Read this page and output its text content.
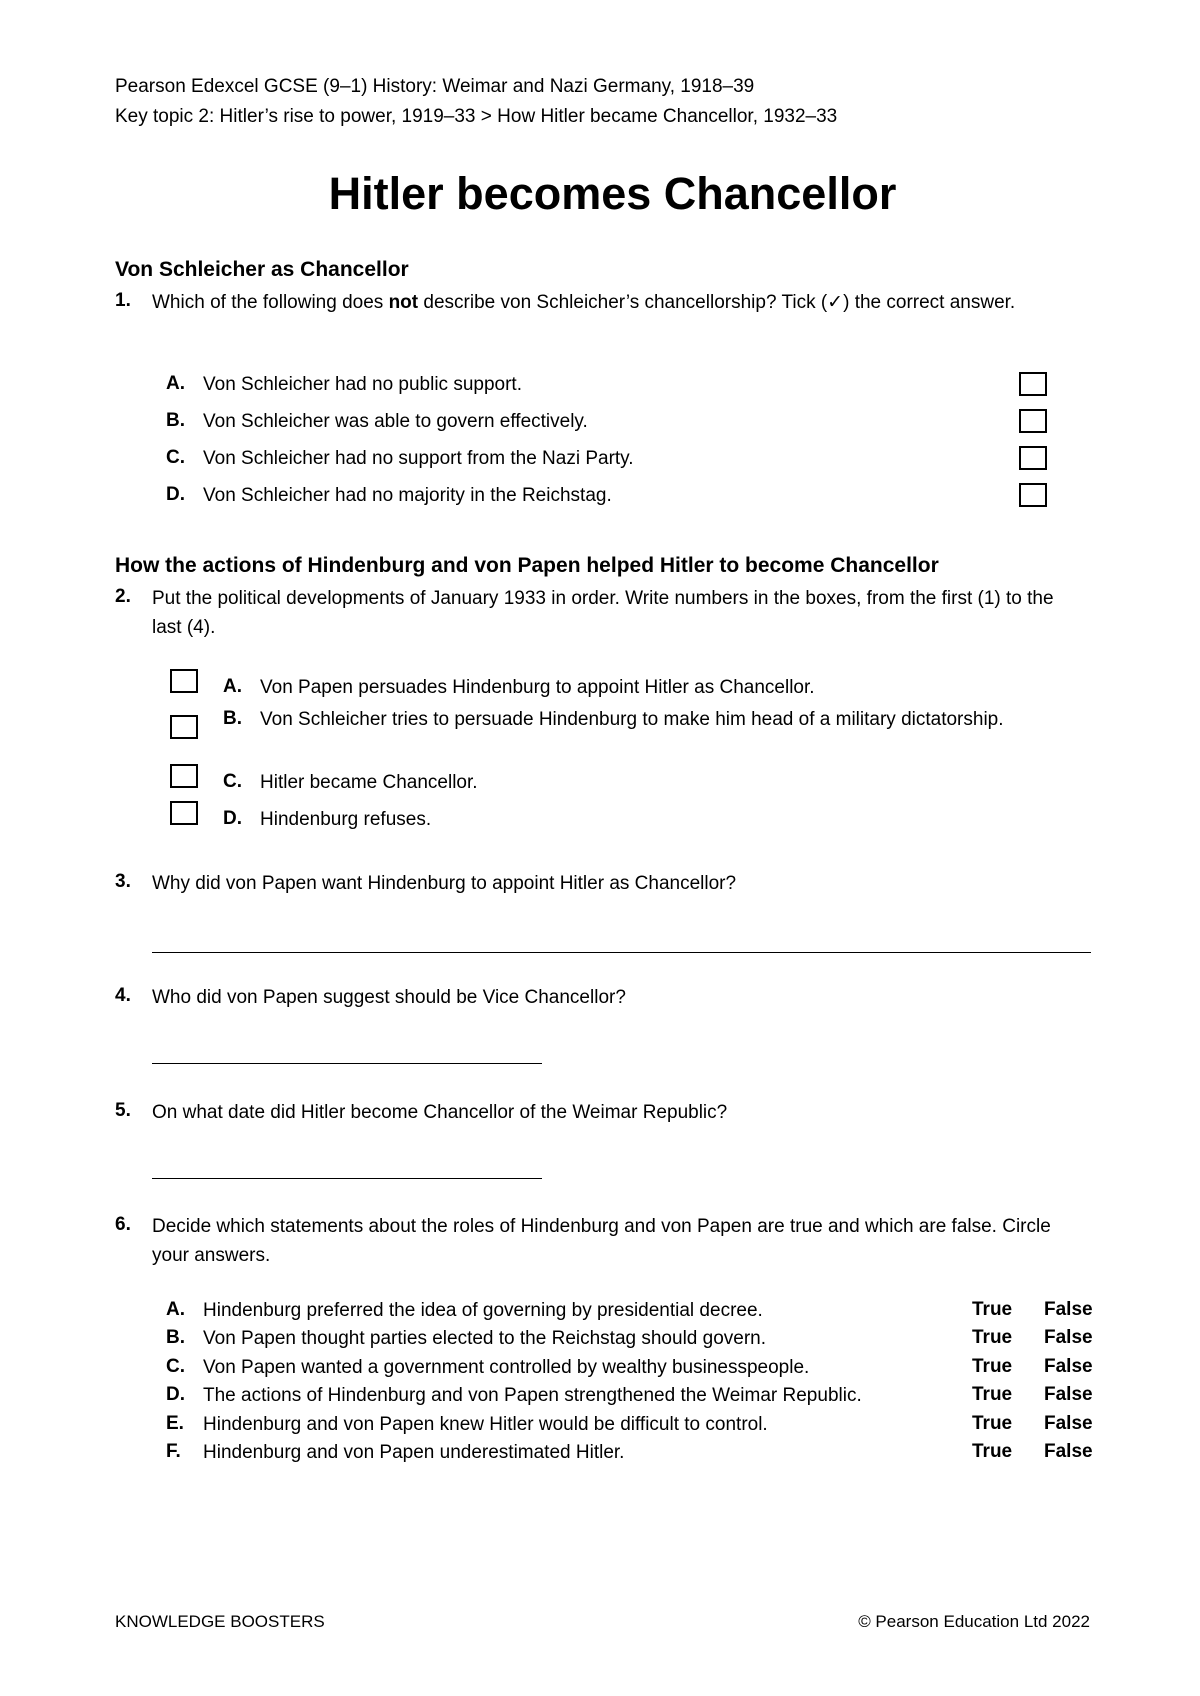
Pearson Edexcel GCSE (9–1) History: Weimar and Nazi Germany, 1918–39
Key topic 2: Hitler’s rise to power, 1919–33 > How Hitler became Chancellor, 1932–33
Hitler becomes Chancellor
Von Schleicher as Chancellor
1. Which of the following does not describe von Schleicher’s chancellorship? Tick (✓) the correct answer.
A. Von Schleicher had no public support.
B. Von Schleicher was able to govern effectively.
C. Von Schleicher had no support from the Nazi Party.
D. Von Schleicher had no majority in the Reichstag.
How the actions of Hindenburg and von Papen helped Hitler to become Chancellor
2. Put the political developments of January 1933 in order. Write numbers in the boxes, from the first (1) to the last (4).
A. Von Papen persuades Hindenburg to appoint Hitler as Chancellor.
B. Von Schleicher tries to persuade Hindenburg to make him head of a military dictatorship.
C. Hitler became Chancellor.
D. Hindenburg refuses.
3. Why did von Papen want Hindenburg to appoint Hitler as Chancellor?
4. Who did von Papen suggest should be Vice Chancellor?
5. On what date did Hitler become Chancellor of the Weimar Republic?
6. Decide which statements about the roles of Hindenburg and von Papen are true and which are false. Circle your answers.
A. Hindenburg preferred the idea of governing by presidential decree.	True False
B. Von Papen thought parties elected to the Reichstag should govern.	True False
C. Von Papen wanted a government controlled by wealthy businesspeople.	True False
D. The actions of Hindenburg and von Papen strengthened the Weimar Republic.	True False
E. Hindenburg and von Papen knew Hitler would be difficult to control.	True False
F. Hindenburg and von Papen underestimated Hitler.	True False
KNOWLEDGE BOOSTERS	© Pearson Education Ltd 2022
